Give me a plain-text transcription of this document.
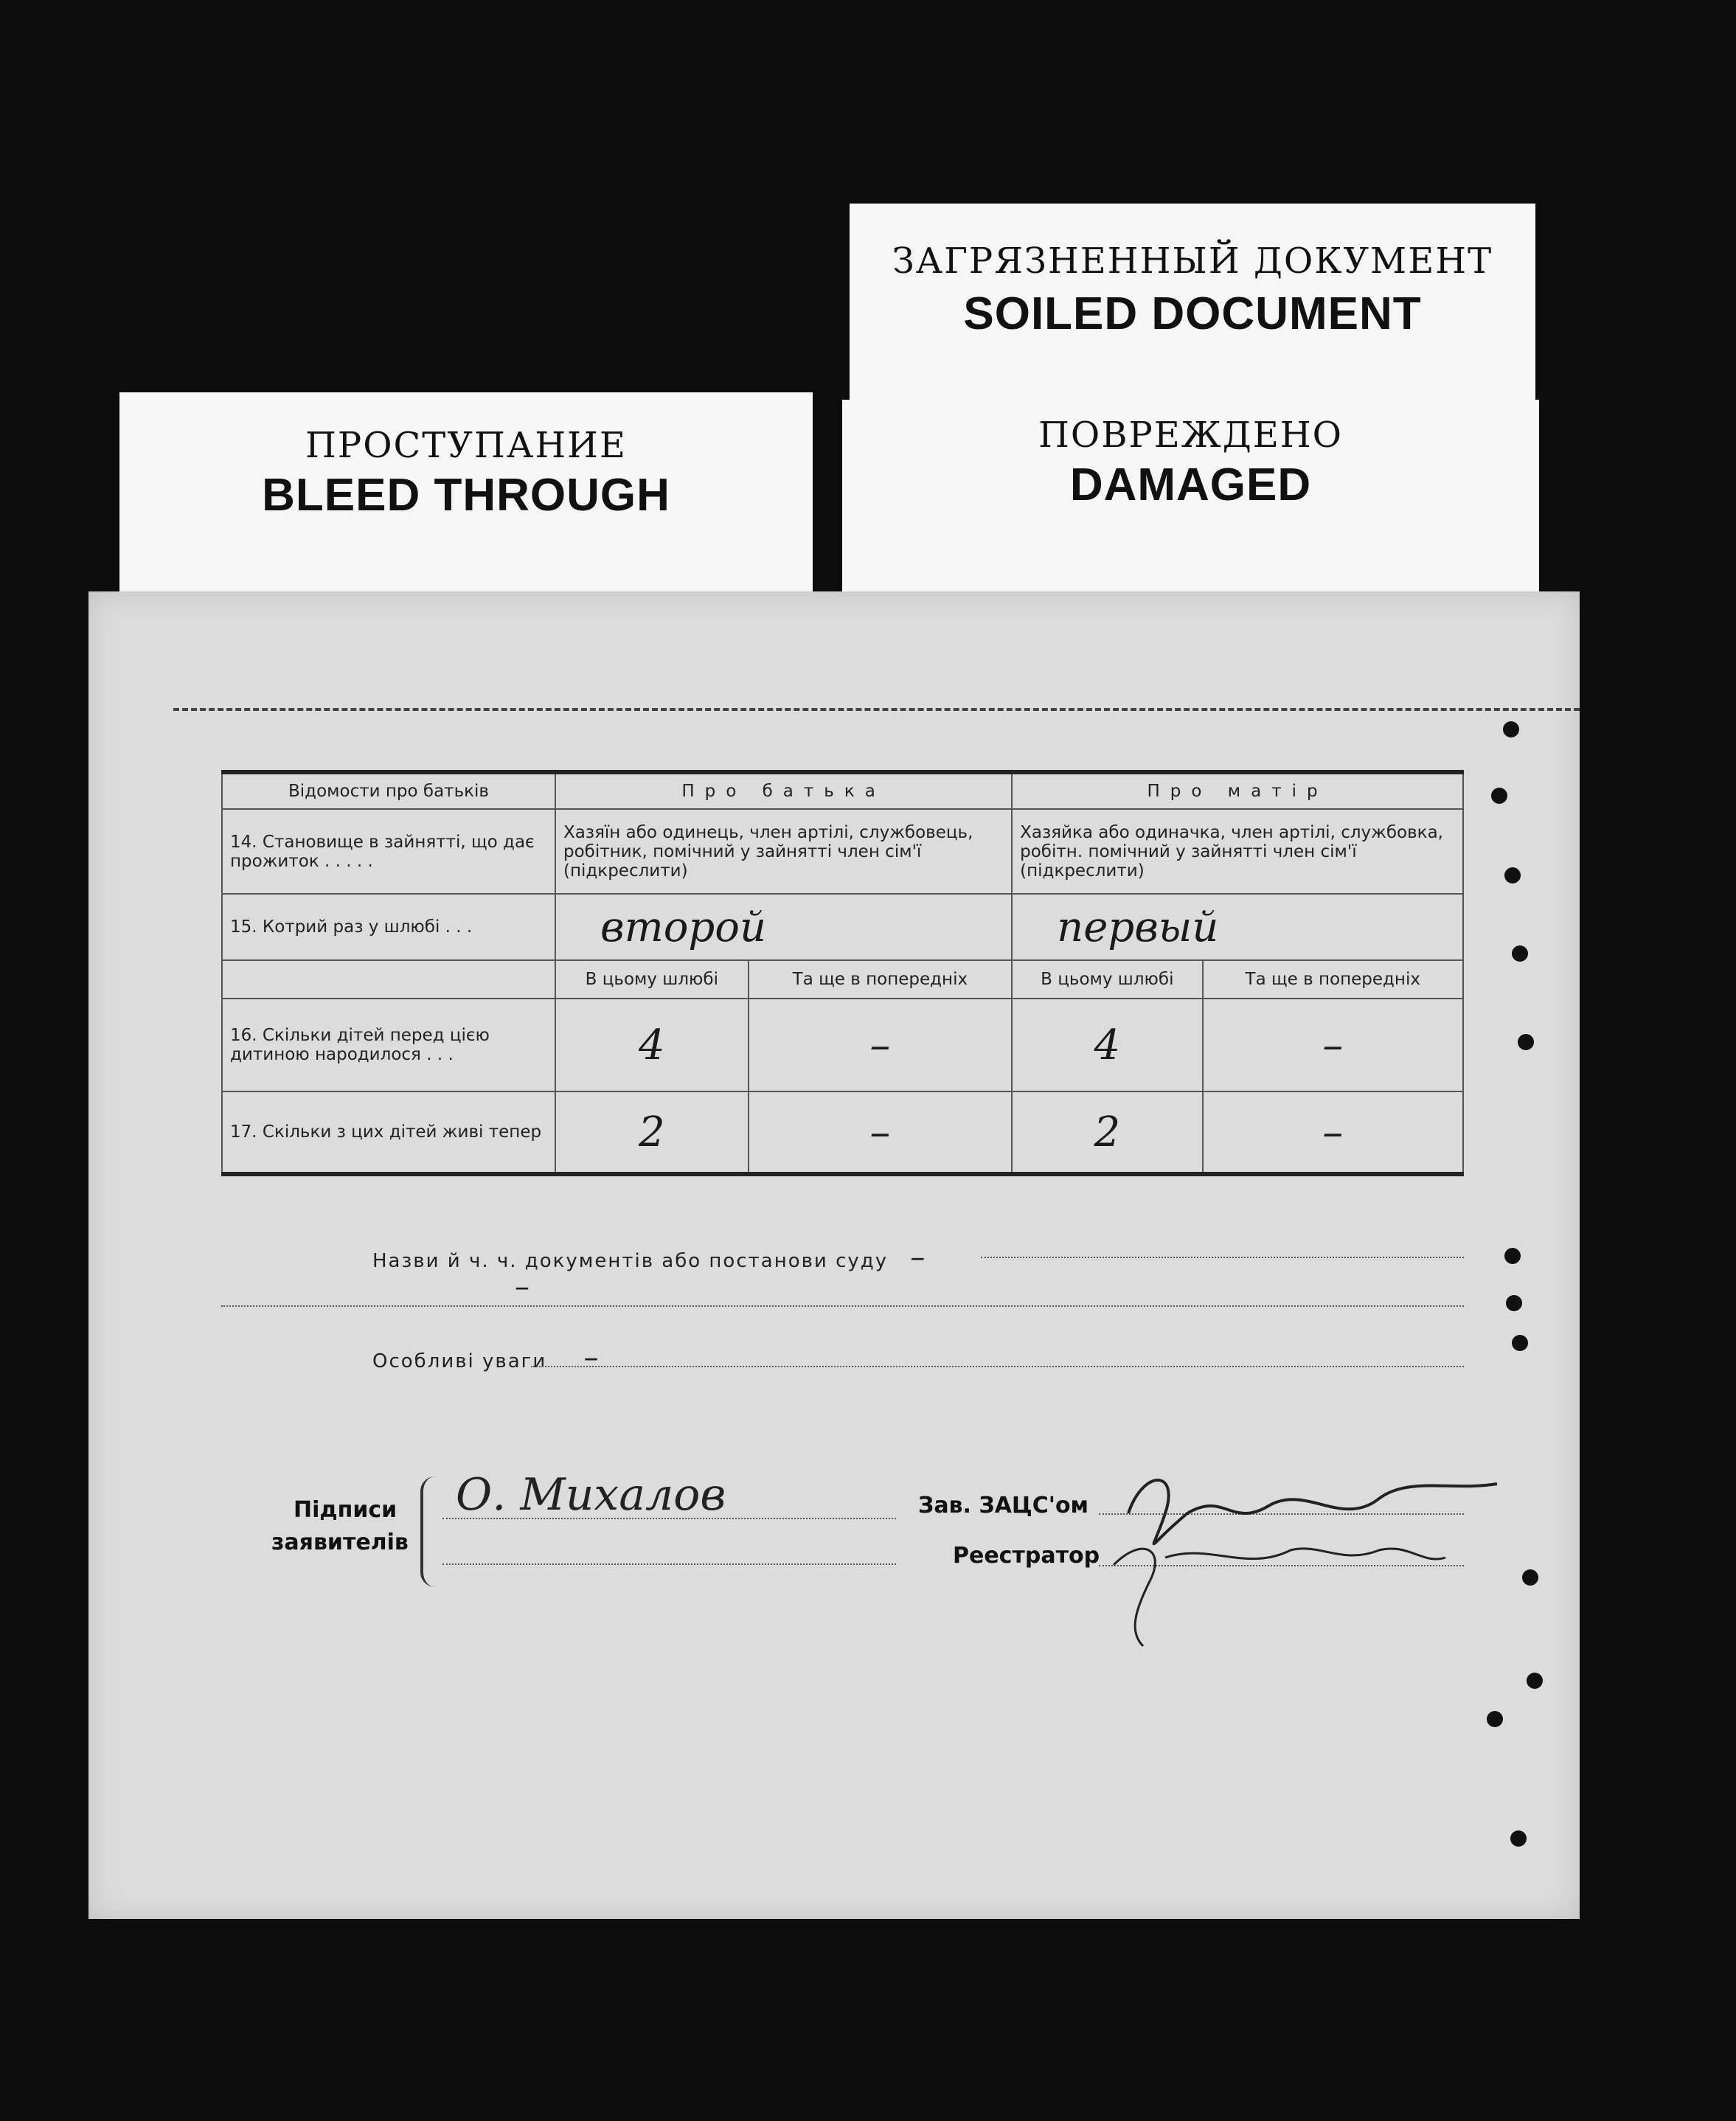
ЗАГРЯЗНЕННЫЙ ДОКУМЕНТ
SOILED DOCUMENT
ПРОСТУПАНИЕ
BLEED THROUGH
ПОВРЕЖДЕНО
DAMAGED
Відомости про батьків	Про батька		Про матір	
14. Становище в зайнятті, що дає прожиток . . . . .	Хазяїн або одинець, член артілі, службовець, робітник, помічний у зайнятті член сім'ї (підкреслити)		Хазяйка або одиначка, член артілі, службовка, робітн. помічний у зайнятті член сім'ї (підкреслити)	
15. Котрий раз у шлюбі . . .	второй		первый	
	В цьому шлюбі	Та ще в попередніх	В цьому шлюбі	Та ще в попередніх
16. Скільки дітей перед цією дитиною народилося . . .	4	–	4	–
17. Скільки з цих дітей живі тепер	2	–	2	–
Назви й ч. ч. документів або постанови суду –
–
Особливі уваги –
Підписи
заявителів
О. Михалов	Зав. ЗАЦС'ом
Реестратор
